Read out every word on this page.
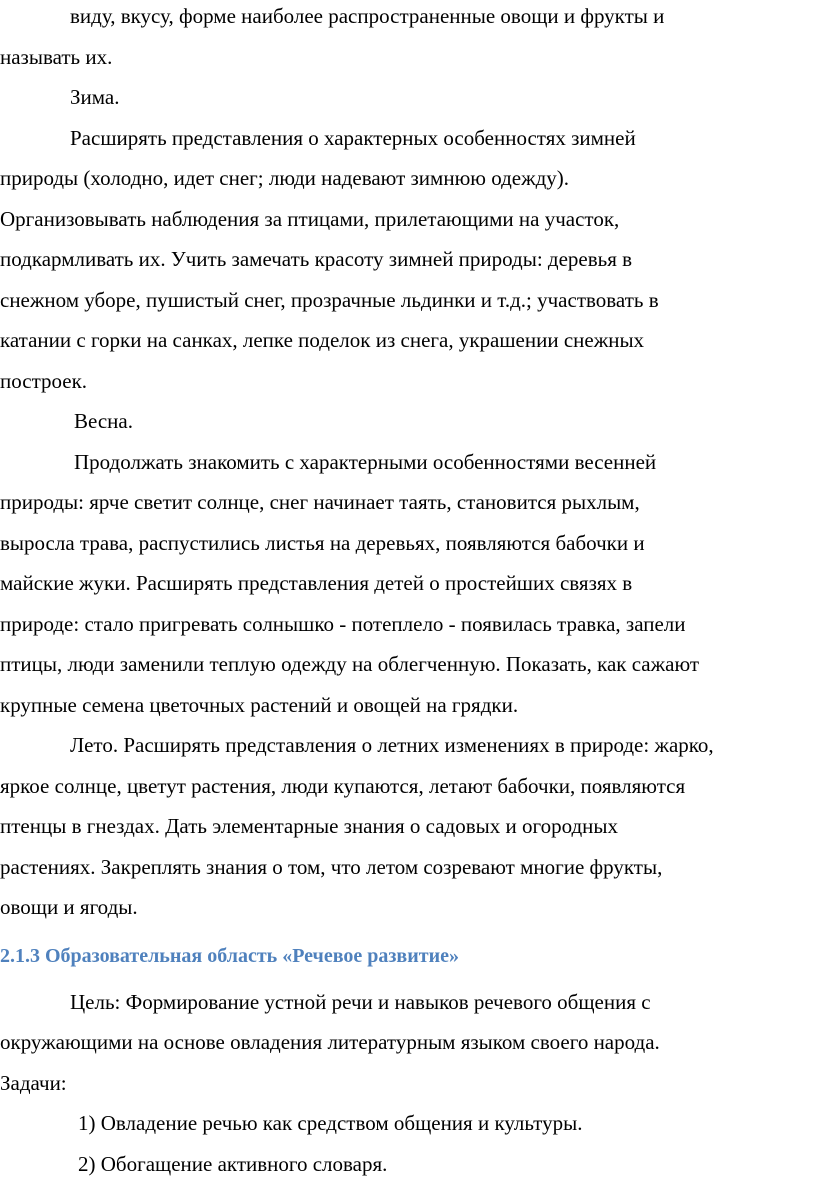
виду, вкусу, форме наиболее распространенные овощи и фрукты и
называть их.
Зима.
Расширять представления о характерных особенностях зимней
природы (холодно, идет снег; люди надевают зимнюю одежду).
Организовывать наблюдения за птицами, прилетающими на участок,
подкармливать их. Учить замечать красоту зимней природы: деревья в
снежном уборе, пушистый снег, прозрачные льдинки и т.д.; участвовать в
катании с горки на санках, лепке поделок из снега, украшении снежных
построек.
Весна.
Продолжать знакомить с характерными особенностями весенней
природы: ярче светит солнце, снег начинает таять, становится рыхлым,
выросла трава, распустились листья на деревьях, появляются бабочки и
майские жуки. Расширять представления детей о простейших связях в
природе: стало пригревать солнышко - потеплело - появилась травка, запели
птицы, люди заменили теплую одежду на облегченную. Показать, как сажают
крупные семена цветочных растений и овощей на грядки.
Лето. Расширять представления о летних изменениях в природе: жарко,
яркое солнце, цветут растения, люди купаются, летают бабочки, появляются
птенцы в гнездах. Дать элементарные знания о садовых и огородных
растениях. Закреплять знания о том, что летом созревают многие фрукты,
овощи и ягоды.
2.1.3 Образовательная область «Речевое развитие»
Цель: Формирование устной речи и навыков речевого общения с
окружающими на основе овладения литературным языком своего народа.
Задачи:
1) Овладение речью как средством общения и культуры.
2) Обогащение активного словаря.
